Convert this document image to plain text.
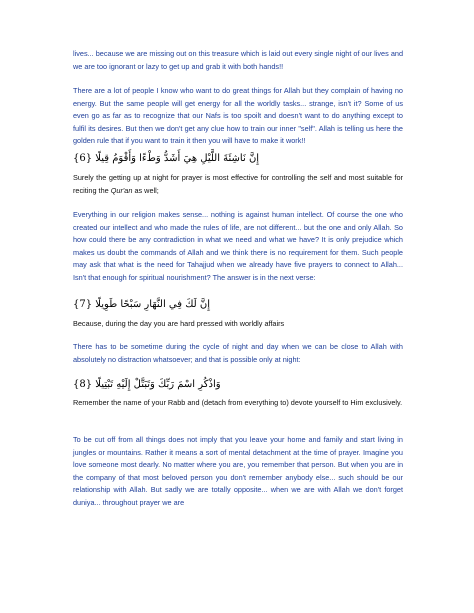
lives... because we are missing out on this treasure which is laid out every single night of our lives and we are too ignorant or lazy to get up and grab it with both hands!!
There are a lot of people I know who want to do great things for Allah but they complain of having no energy. But the same people will get energy for all the worldly tasks... strange, isn't it? Some of us even go as far as to recognize that our Nafs is too spoilt and doesn't want to do anything except to fulfil its desires. But then we don't get any clue how to train our inner "self". Allah is telling us here the golden rule that if you want to train it then you will have to make it work!!
إِنَّ نَاشِئَةَ اللَّيْلِ هِيَ أَشَدُّ وَطْءًا وَأَقْوَمُ قِيلًا {6}
Surely the getting up at night for prayer is most effective for controlling the self and most suitable for reciting the Qur'an as well;
Everything in our religion makes sense... nothing is against human intellect. Of course the one who created our intellect and who made the rules of life, are not different... but the one and only Allah. So how could there be any contradiction in what we need and what we have? It is only prejudice which makes us doubt the commands of Allah and we think there is no requirement for them. Such people may ask that what is the need for Tahajjud when we already have five prayers to connect to Allah... Isn't that enough for spiritual nourishment? The answer is in the next verse:
إِنَّ لَكَ فِي النَّهَارِ سَبْحًا طَوِيلًا {7}
Because, during the day you are hard pressed with worldly affairs
There has to be sometime during the cycle of night and day when we can be close to Allah with absolutely no distraction whatsoever; and that is possible only at night:
وَاذْكُرِ اسْمَ رَبِّكَ وَتَبَتَّلْ إِلَيْهِ تَبْتِيلًا {8}
Remember the name of your Rabb and (detach from everything to) devote yourself to Him exclusively.
To be cut off from all things does not imply that you leave your home and family and start living in jungles or mountains. Rather it means a sort of mental detachment at the time of prayer. Imagine you love someone most dearly. No matter where you are, you remember that person. But when you are in the company of that most beloved person you don't remember anybody else... such should be our relationship with Allah. But sadly we are totally opposite... when we are with Allah we don't forget duniya... throughout prayer we are
